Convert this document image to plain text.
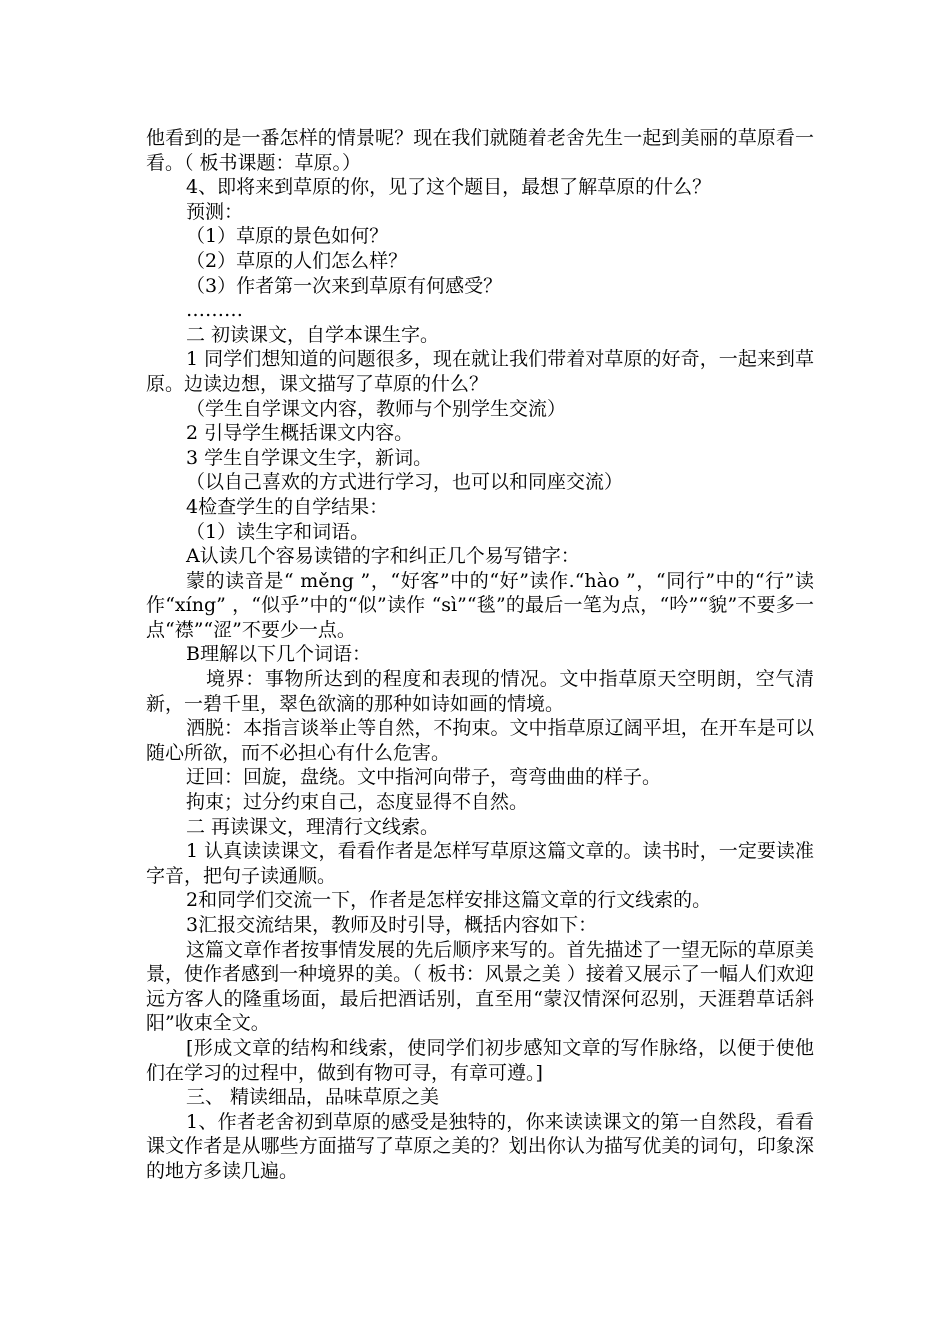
他看到的是一番怎样的情景呢？现在我们就随着老舍先生一起到美丽的草原看一看。（ 板书课题：草原。）

4、即将来到草原的你，见了这个题目，最想了解草原的什么？

预测：

（1）草原的景色如何？

（2）草原的人们怎么样？

（3）作者第一次来到草原有何感受？

………

二 初读课文，自学本课生字。

1 同学们想知道的问题很多，现在就让我们带着对草原的好奇，一起来到草原。边读边想，课文描写了草原的什么？

（学生自学课文内容，教师与个别学生交流）

2 引导学生概括课文内容。

3 学生自学课文生字，新词。

（以自己喜欢的方式进行学习，也可以和同座交流）

4检查学生的自学结果：

（1）读生字和词语。

A认读几个容易读错的字和纠正几个易写错字：

蒙的读音是“ měng ”，“好客”中的“好”读作.“hào ”，“同行”中的“行”读作“xíng” ，“似乎”中的“似”读作 “sì”“毯”的最后一笔为点，“吟”“貌”不要多一点“襟”“涩”不要少一点。

B理解以下几个词语：

境界：事物所达到的程度和表现的情况。文中指草原天空明朗，空气清新，一碧千里，翠色欲滴的那种如诗如画的情境。

洒脱：本指言谈举止等自然，不拘束。文中指草原辽阔平坦，在开车是可以随心所欲，而不必担心有什么危害。

迂回：回旋，盘绕。文中指河向带子，弯弯曲曲的样子。

拘束；过分约束自己，态度显得不自然。

二 再读课文，理清行文线索。

1 认真读读课文，看看作者是怎样写草原这篇文章的。读书时，一定要读准字音，把句子读通顺。

2和同学们交流一下，作者是怎样安排这篇文章的行文线索的。

3汇报交流结果，教师及时引导，概括内容如下：

这篇文章作者按事情发展的先后顺序来写的。首先描述了一望无际的草原美景，使作者感到一种境界的美。（ 板书：风景之美 ）接着又展示了一幅人们欢迎远方客人的隆重场面，最后把酒话别，直至用“蒙汉情深何忍别，天涯碧草话斜阳”收束全文。

[形成文章的结构和线索，使同学们初步感知文章的写作脉络，以便于使他们在学习的过程中，做到有物可寻，有章可遵。]

三、 精读细品，品味草原之美

1、作者老舍初到草原的感受是独特的，你来读读课文的第一自然段，看看课文作者是从哪些方面描写了草原之美的？划出你认为描写优美的词句，印象深的地方多读几遍。
